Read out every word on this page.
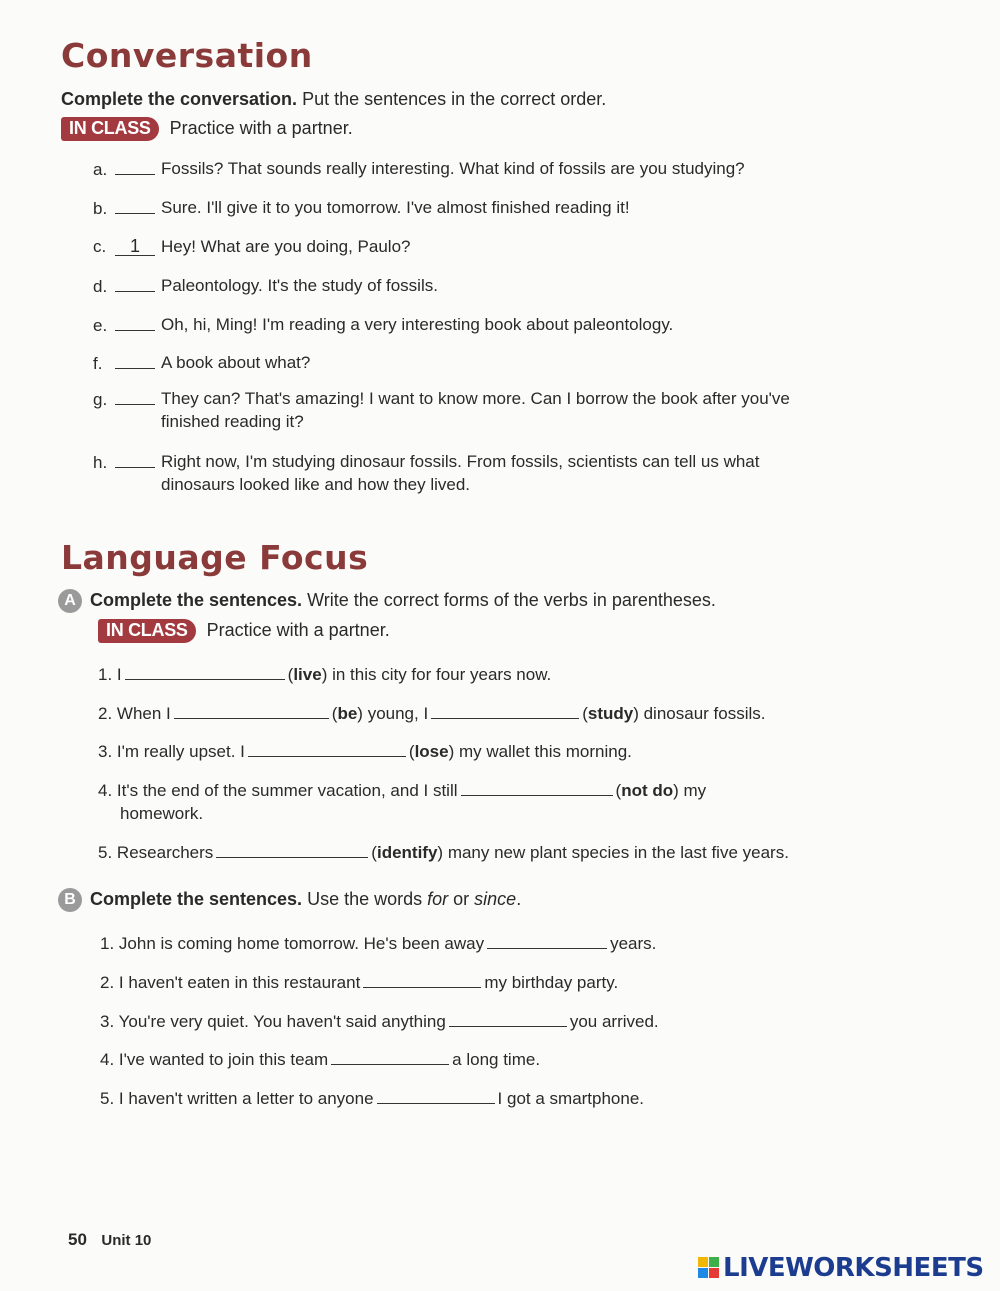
Conversation
Complete the conversation. Put the sentences in the correct order.
IN CLASS Practice with a partner.
a.	Fossils? That sounds really interesting. What kind of fossils are you studying?
b.	Sure. I'll give it to you tomorrow. I've almost finished reading it!
c. 1 Hey! What are you doing, Paulo?
d.	Paleontology. It's the study of fossils.
e.	Oh, hi, Ming! I'm reading a very interesting book about paleontology.
f.	A book about what?
g.	They can? That's amazing! I want to know more. Can I borrow the book after you've
finished reading it?
h.	Right now, I'm studying dinosaur fossils. From fossils, scientists can tell us what
dinosaurs looked like and how they lived.
Language Focus
A Complete the sentences. Write the correct forms of the verbs in parentheses.
IN CLASS Practice with a partner.
1. I	(live) in this city for four years now.
2. When I	(be) young, I	(study) dinosaur fossils.
3. I'm really upset. I	(lose) my wallet this morning.
4. It's the end of the summer vacation, and I still	(not do) my
homework.
5. Researchers	(identify) many new plant species in the last five years.
B Complete the sentences. Use the words for or since.
1. John is coming home tomorrow. He's been away	years.
2. I haven't eaten in this restaurant	my birthday party.
3. You're very quiet. You haven't said anything	you arrived.
4. I've wanted to join this team	a long time.
5. I haven't written a letter to anyone	I got a smartphone.
50 Unit 10
LIVEWORKSHEETS
